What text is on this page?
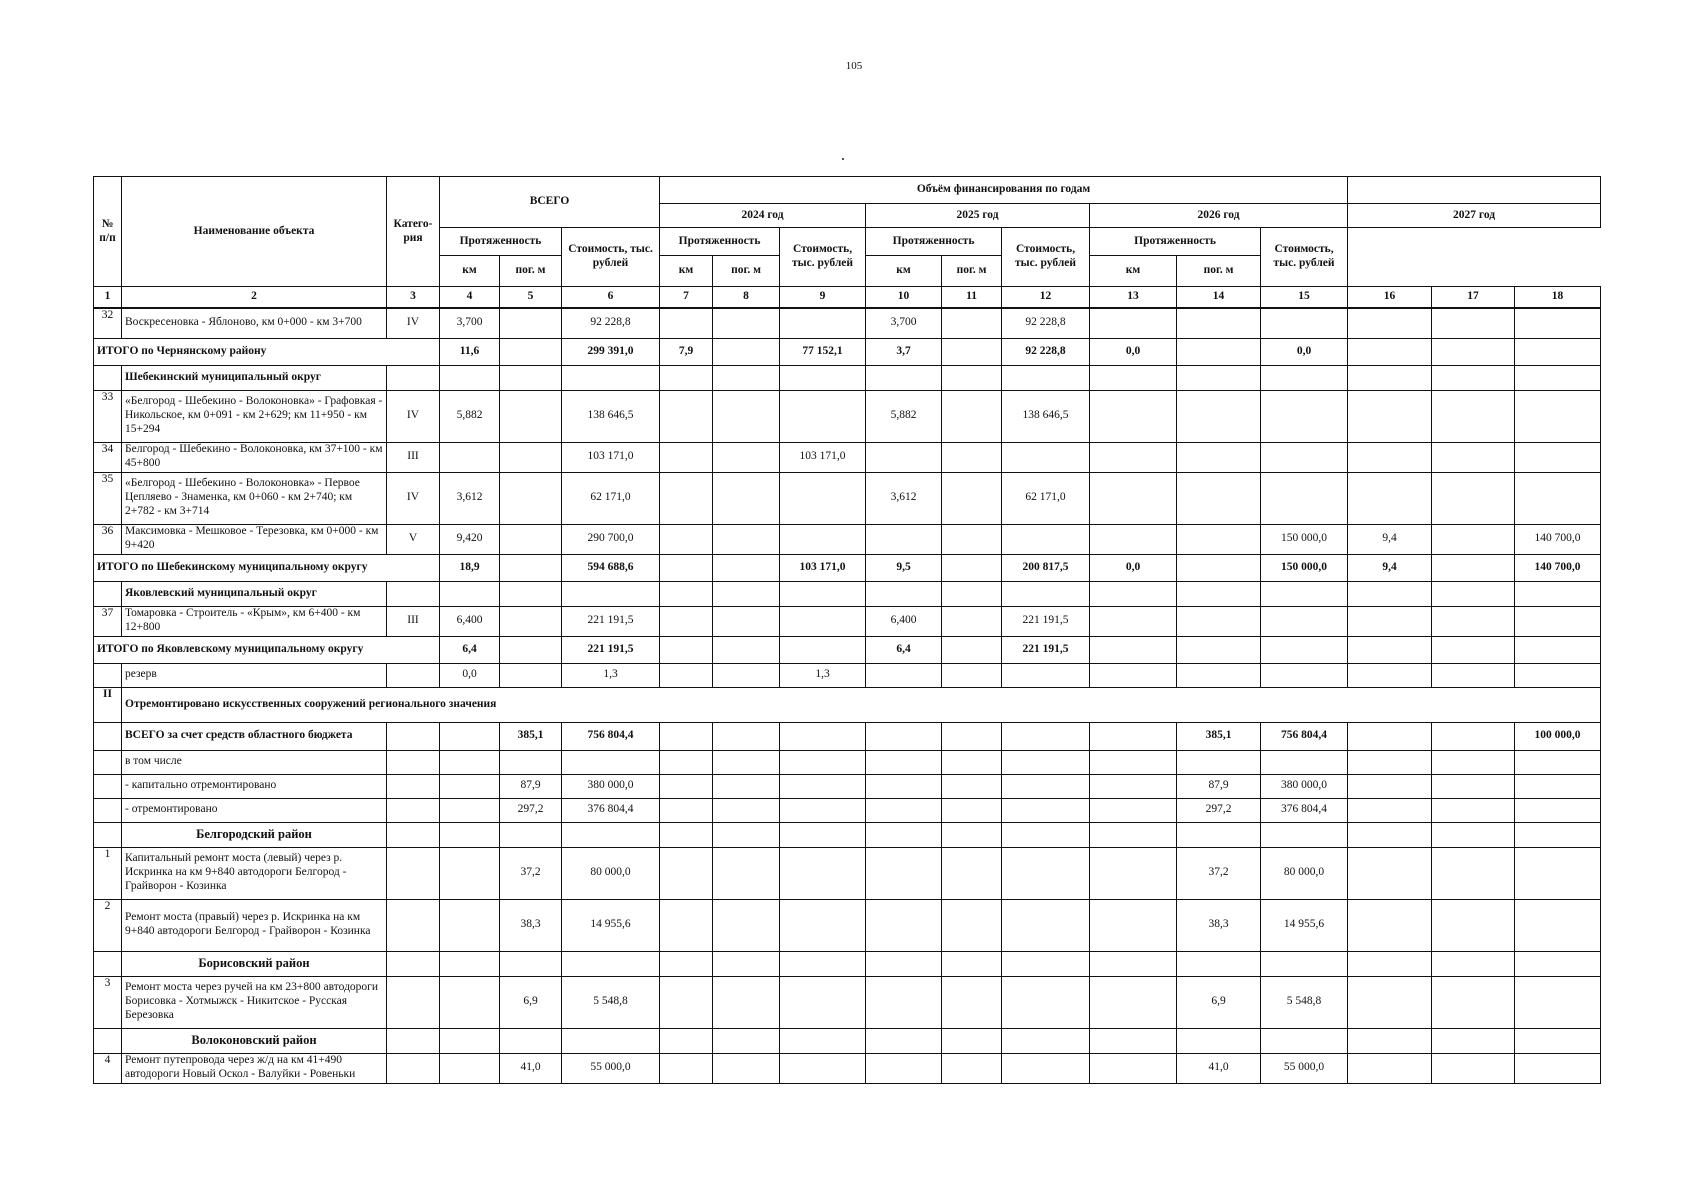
105
№ п/п	Наименование объекта	Катего-рия	ВСЕГО			Объём финансирования по годам											
						2024 год			2025 год			2026 год			2027 год		
			Протяженность		Стоимость, тыс. рублей	Протяженность		Стоимость, тыс. рублей	Протяженность		Стоимость, тыс. рублей	Протяженность		Стоимость, тыс. рублей			
			км	пог. м		км	пог. м		км	пог. м		км	пог. м				
1	2	3	4	5	6	7	8	9	10	11	12	13	14	15	16	17	18
32	Воскресеновка - Яблоново, км 0+000 - км 3+700	IV	3,700		92 228,8				3,700		92 228,8						
ИТОГО по Чернянскому району			11,6		299 391,0	7,9		77 152,1	3,7		92 228,8	0,0		0,0			
	Шебекинский муниципальный округ																
33	«Белгород - Шебекино - Волоконовка» - Графовкая - Никольское, км 0+091 - км 2+629; км 11+950 - км 15+294	IV	5,882		138 646,5				5,882		138 646,5						
34	Белгород - Шебекино - Волоконовка, км 37+100 - км 45+800	III			103 171,0			103 171,0									
35	«Белгород - Шебекино - Волоконовка» - Первое Цепляево - Знаменка, км 0+060 - км 2+740; км 2+782 - км 3+714	IV	3,612		62 171,0				3,612		62 171,0						
36	Максимовка - Мешковое - Терезовка, км 0+000 - км 9+420	V	9,420		290 700,0									150 000,0	9,4		140 700,0
ИТОГО по Шебекинскому муниципальному округу			18,9		594 688,6			103 171,0	9,5		200 817,5	0,0		150 000,0	9,4		140 700,0
	Яковлевский муниципальный округ																
37	Томаровка - Строитель - «Крым», км 6+400 - км 12+800	III	6,400		221 191,5				6,400		221 191,5						
ИТОГО по Яковлевскому муниципальному округу			6,4		221 191,5				6,4		221 191,5						
	резерв		0,0		1,3			1,3									
II	Отремонтировано искусственных сооружений регионального значения																
	ВСЕГО за счет средств областного бюджета			385,1	756 804,4								385,1	756 804,4			100 000,0
	в том числе																
	- капитально отремонтировано			87,9	380 000,0								87,9	380 000,0			
	- отремонтировано			297,2	376 804,4								297,2	376 804,4			
	Белгородский район																
1	Капитальный ремонт моста (левый) через р. Искринка на км 9+840 автодороги Белгород - Грайворон - Козинка			37,2	80 000,0								37,2	80 000,0			
2	Ремонт моста (правый) через р. Искринка на км 9+840 автодороги Белгород - Грайворон - Козинка			38,3	14 955,6								38,3	14 955,6			
	Борисовский район																
3	Ремонт моста через ручей на км 23+800 автодороги Борисовка - Хотмыжск - Никитское - Русская Березовка			6,9	5 548,8								6,9	5 548,8			
	Волоконовский район																
4	Ремонт путепровода через ж/д на км 41+490 автодороги Новый Оскол - Валуйки - Ровеньки			41,0	55 000,0								41,0	55 000,0			
